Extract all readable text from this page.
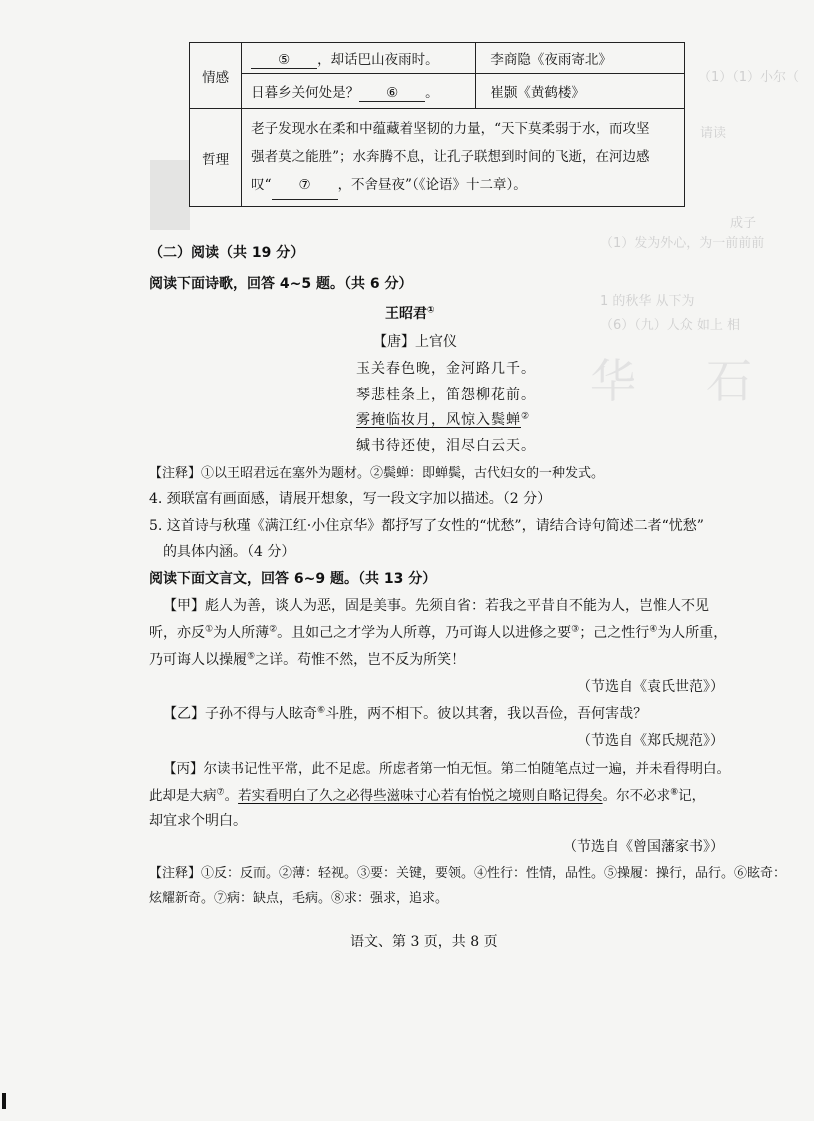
（1）（1）小尔（
请读
成子
（1）发为外心，为一前前前
1 的秋华 从下为
（6）（九）人众 如上 相
华 石
情感	⑤ ，却话巴山夜雨时。	李商隐《夜雨寄北》
	日暮乡关何处是？ ⑥ 。	崔颢《黄鹤楼》
哲理	老子发现水在柔和中蕴藏着坚韧的力量，“天下莫柔弱于水，而攻坚
强者莫之能胜”；水奔腾不息，让孔子联想到时间的飞逝，在河边感
叹“ ⑦ ，不舍昼夜”（《论语》十二章）。	
（二）阅读（共 19 分）
阅读下面诗歌，回答 4~5 题。（共 6 分）
王昭君①
【唐】上官仪
玉关春色晚，金河路几千。
琴悲桂条上，笛怨柳花前。
雾掩临妆月，风惊入鬓蝉②
缄书待还使，泪尽白云天。
【注释】①以王昭君远在塞外为题材。②鬓蝉：即蝉鬓，古代妇女的一种发式。
4. 颈联富有画面感，请展开想象，写一段文字加以描述。（2 分）
5. 这首诗与秋瑾《满江红·小住京华》都抒写了女性的“忧愁”，请结合诗句简述二者“忧愁”
的具体内涵。（4 分）
阅读下面文言文，回答 6~9 题。（共 13 分）
【甲】彪人为善，谈人为恶，固是美事。先须自省：若我之平昔自不能为人，岂惟人不见
听，亦反①为人所薄②。且如己之才学为人所尊，乃可诲人以进修之要③；己之性行④为人所重，
乃可诲人以操履⑤之详。苟惟不然，岂不反为所笑！
（节选自《袁氏世范》）
【乙】子孙不得与人眩奇⑥斗胜，两不相下。彼以其奢，我以吾俭，吾何害哉？
（节选自《郑氏规范》）
【丙】尔读书记性平常，此不足虑。所虑者第一怕无恒。第二怕随笔点过一遍，并未看得明白。
此却是大病⑦。若实看明白了久之必得些滋味寸心若有怡悦之境则自略记得矣。尔不必求⑧记，
却宜求个明白。
（节选自《曾国藩家书》）
【注释】①反：反而。②薄：轻视。③要：关键，要领。④性行：性情，品性。⑤操履：操行，品行。⑥眩奇：
炫耀新奇。⑦病：缺点，毛病。⑧求：强求，追求。
语文、第 3 页，共 8 页
